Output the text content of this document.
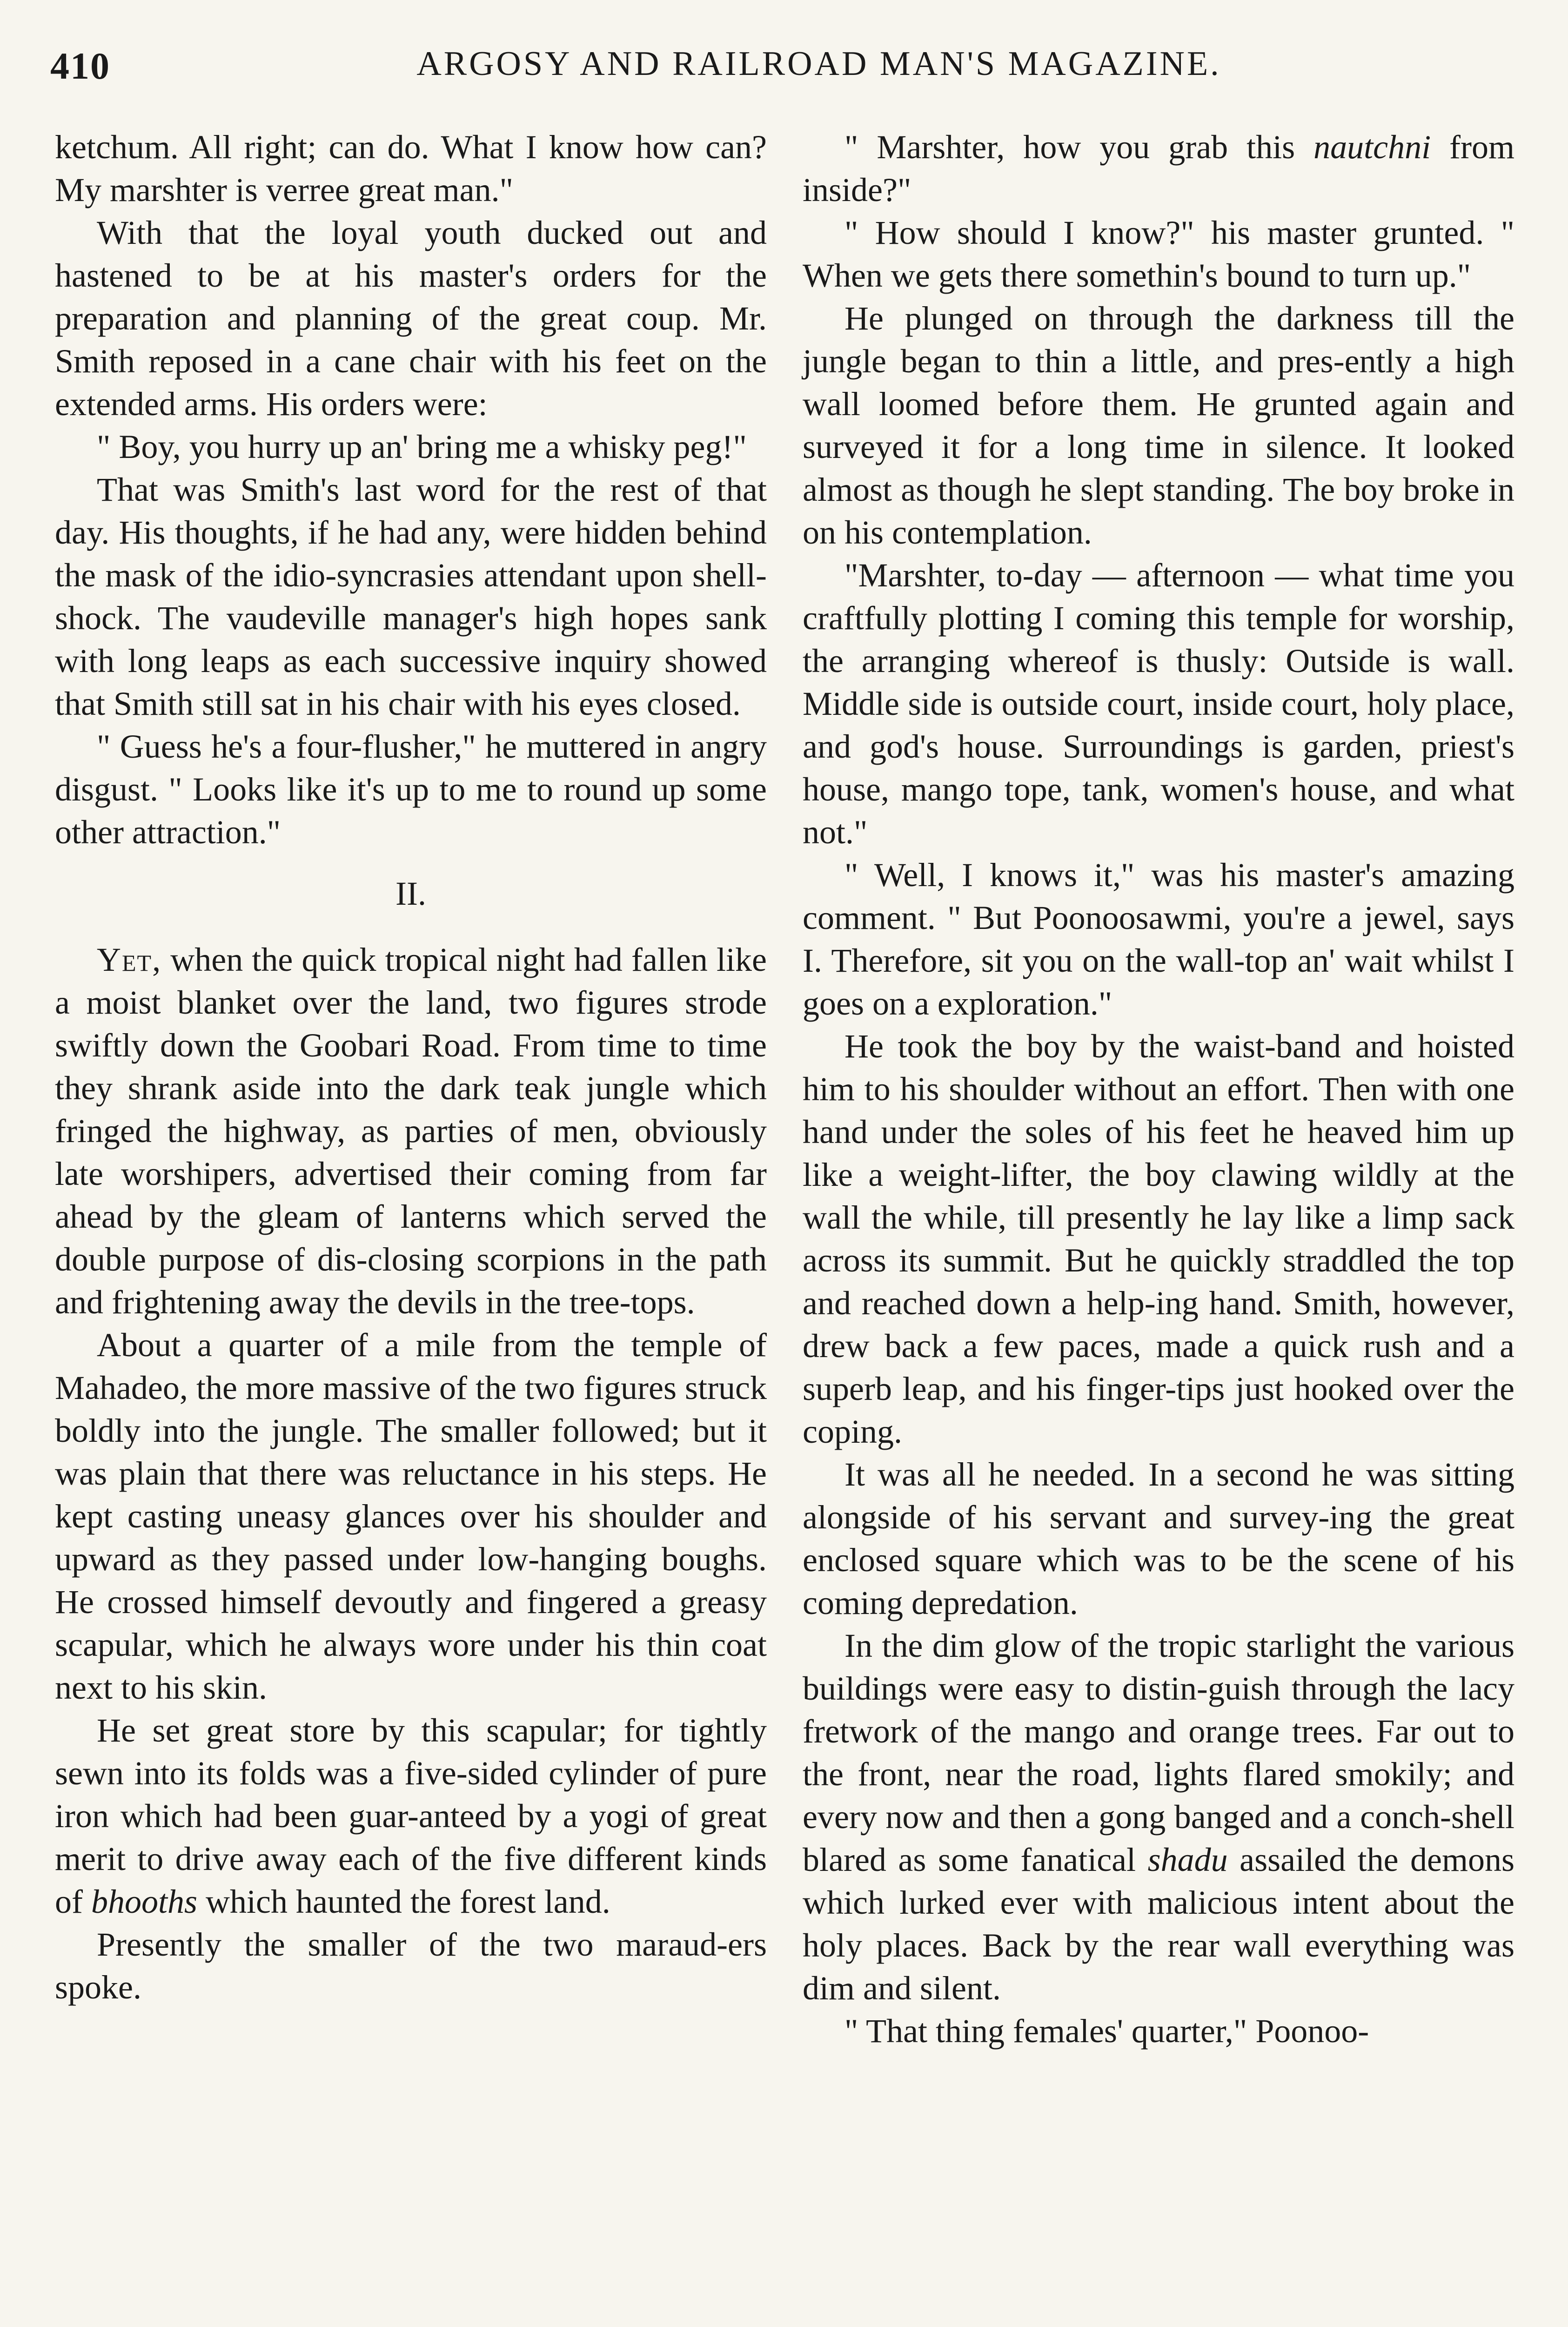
410	ARGOSY AND RAILROAD MAN'S MAGAZINE.

ketchum. All right; can do. What I know how can? My marshter is verree great man."

With that the loyal youth ducked out and hastened to be at his master's orders for the preparation and planning of the great coup. Mr. Smith reposed in a cane chair with his feet on the extended arms. His orders were:

" Boy, you hurry up an' bring me a whisky peg!"

That was Smith's last word for the rest of that day. His thoughts, if he had any, were hidden behind the mask of the idio-syncrasies attendant upon shell-shock. The vaudeville manager's high hopes sank with long leaps as each successive inquiry showed that Smith still sat in his chair with his eyes closed.

" Guess he's a four-flusher," he muttered in angry disgust. " Looks like it's up to me to round up some other attraction."

II.

Yet, when the quick tropical night had fallen like a moist blanket over the land, two figures strode swiftly down the Goobari Road. From time to time they shrank aside into the dark teak jungle which fringed the highway, as parties of men, obviously late worshipers, advertised their coming from far ahead by the gleam of lanterns which served the double purpose of dis-closing scorpions in the path and frightening away the devils in the tree-tops.

About a quarter of a mile from the temple of Mahadeo, the more massive of the two figures struck boldly into the jungle. The smaller followed; but it was plain that there was reluctance in his steps. He kept casting uneasy glances over his shoulder and upward as they passed under low-hanging boughs. He crossed himself devoutly and fingered a greasy scapular, which he always wore under his thin coat next to his skin.

He set great store by this scapular; for tightly sewn into its folds was a five-sided cylinder of pure iron which had been guar-anteed by a yogi of great merit to drive away each of the five different kinds of bhooths which haunted the forest land.

Presently the smaller of the two maraud-ers spoke.

" Marshter, how you grab this nautchni from inside?"

" How should I know?" his master grunted. " When we gets there somethin's bound to turn up."

He plunged on through the darkness till the jungle began to thin a little, and pres-ently a high wall loomed before them. He grunted again and surveyed it for a long time in silence. It looked almost as though he slept standing. The boy broke in on his contemplation.

"Marshter, to-day — afternoon — what time you craftfully plotting I coming this temple for worship, the arranging whereof is thusly: Outside is wall. Middle side is outside court, inside court, holy place, and god's house. Surroundings is garden, priest's house, mango tope, tank, women's house, and what not."

" Well, I knows it," was his master's amazing comment. " But Poonoosawmi, you're a jewel, says I. Therefore, sit you on the wall-top an' wait whilst I goes on a exploration."

He took the boy by the waist-band and hoisted him to his shoulder without an effort. Then with one hand under the soles of his feet he heaved him up like a weight-lifter, the boy clawing wildly at the wall the while, till presently he lay like a limp sack across its summit. But he quickly straddled the top and reached down a help-ing hand. Smith, however, drew back a few paces, made a quick rush and a superb leap, and his finger-tips just hooked over the coping.

It was all he needed. In a second he was sitting alongside of his servant and survey-ing the great enclosed square which was to be the scene of his coming depredation.

In the dim glow of the tropic starlight the various buildings were easy to distin-guish through the lacy fretwork of the mango and orange trees. Far out to the front, near the road, lights flared smokily; and every now and then a gong banged and a conch-shell blared as some fanatical shadu assailed the demons which lurked ever with malicious intent about the holy places. Back by the rear wall everything was dim and silent.

" That thing females' quarter," Poonoo-
